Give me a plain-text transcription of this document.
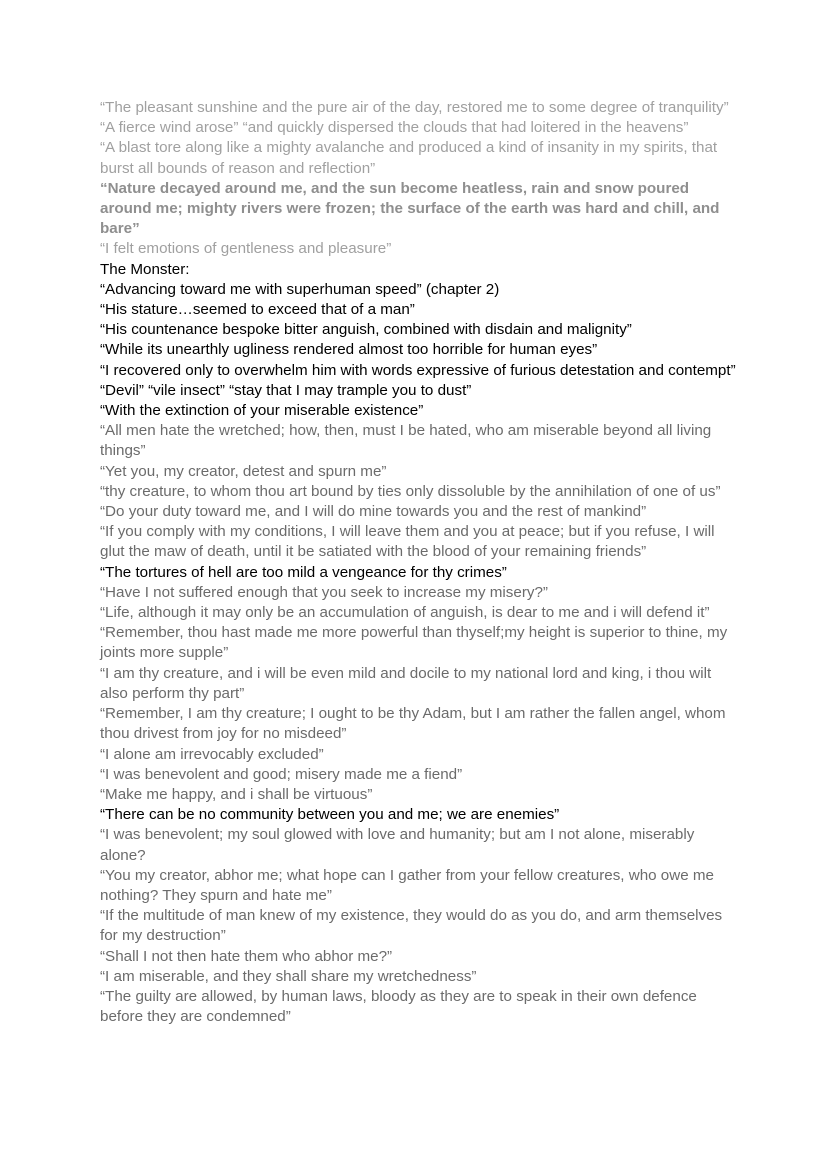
“The pleasant sunshine and the pure air of the day, restored me to some degree of tranquility”

“A fierce wind arose” “and quickly dispersed the clouds that had loitered in the heavens”

“A blast tore along like a mighty avalanche and produced a kind of insanity in my spirits, that burst all bounds of reason and reflection”

“Nature decayed around me, and the sun become heatless, rain and snow poured around me; mighty rivers were frozen; the surface of the earth was hard and chill, and bare”

“I felt emotions of gentleness and pleasure”

The Monster:

“Advancing toward me with superhuman speed” (chapter 2)

“His stature…seemed to exceed that of a man”

“His countenance bespoke bitter anguish, combined with disdain and malignity”

“While its unearthly ugliness rendered almost too horrible for human eyes”

“I recovered only to overwhelm him with words expressive of furious detestation and contempt”

“Devil” “vile insect” “stay that I may trample you to dust”

“With the extinction of your miserable existence”

“All men hate the wretched; how, then, must I be hated, who am miserable beyond all living things”

“Yet you, my creator, detest and spurn me”

“thy creature, to whom thou art bound by ties only dissoluble by the annihilation of one of us”

“Do your duty toward me, and I will do mine towards you and the rest of mankind”

“If you comply with my conditions, I will leave them and you at peace; but if you refuse, I will glut the maw of death, until it be satiated with the blood of your remaining friends”

“The tortures of hell are too mild a vengeance for thy crimes”

“Have I not suffered enough that you seek to increase my misery?”

“Life, although it may only be an accumulation of anguish, is dear to me and i will defend it”

“Remember, thou hast made me more powerful than thyself;my height is superior to thine, my joints more supple”

“I am thy creature, and i will be even mild and docile to my national lord and king, i thou wilt also perform thy part”

“Remember, I am thy creature; I ought to be thy Adam, but I am rather the fallen angel, whom thou drivest from joy for no misdeed”

“I alone am irrevocably excluded”

“I was benevolent and good; misery made me a fiend”

“Make me happy, and i shall be virtuous”

“There can be no community between you and me; we are enemies”

“I was benevolent; my soul glowed with love and humanity; but am I not alone, miserably alone?

“You my creator, abhor me; what hope can I gather from your fellow creatures, who owe me nothing? They spurn and hate me”

“If the multitude of man knew of my existence, they would do as you do, and arm themselves for my destruction”

“Shall I not then hate them who abhor me?”

“I am miserable, and they shall share my wretchedness”

“The guilty are allowed, by human laws, bloody as they are to speak in their own defence before they are condemned”
